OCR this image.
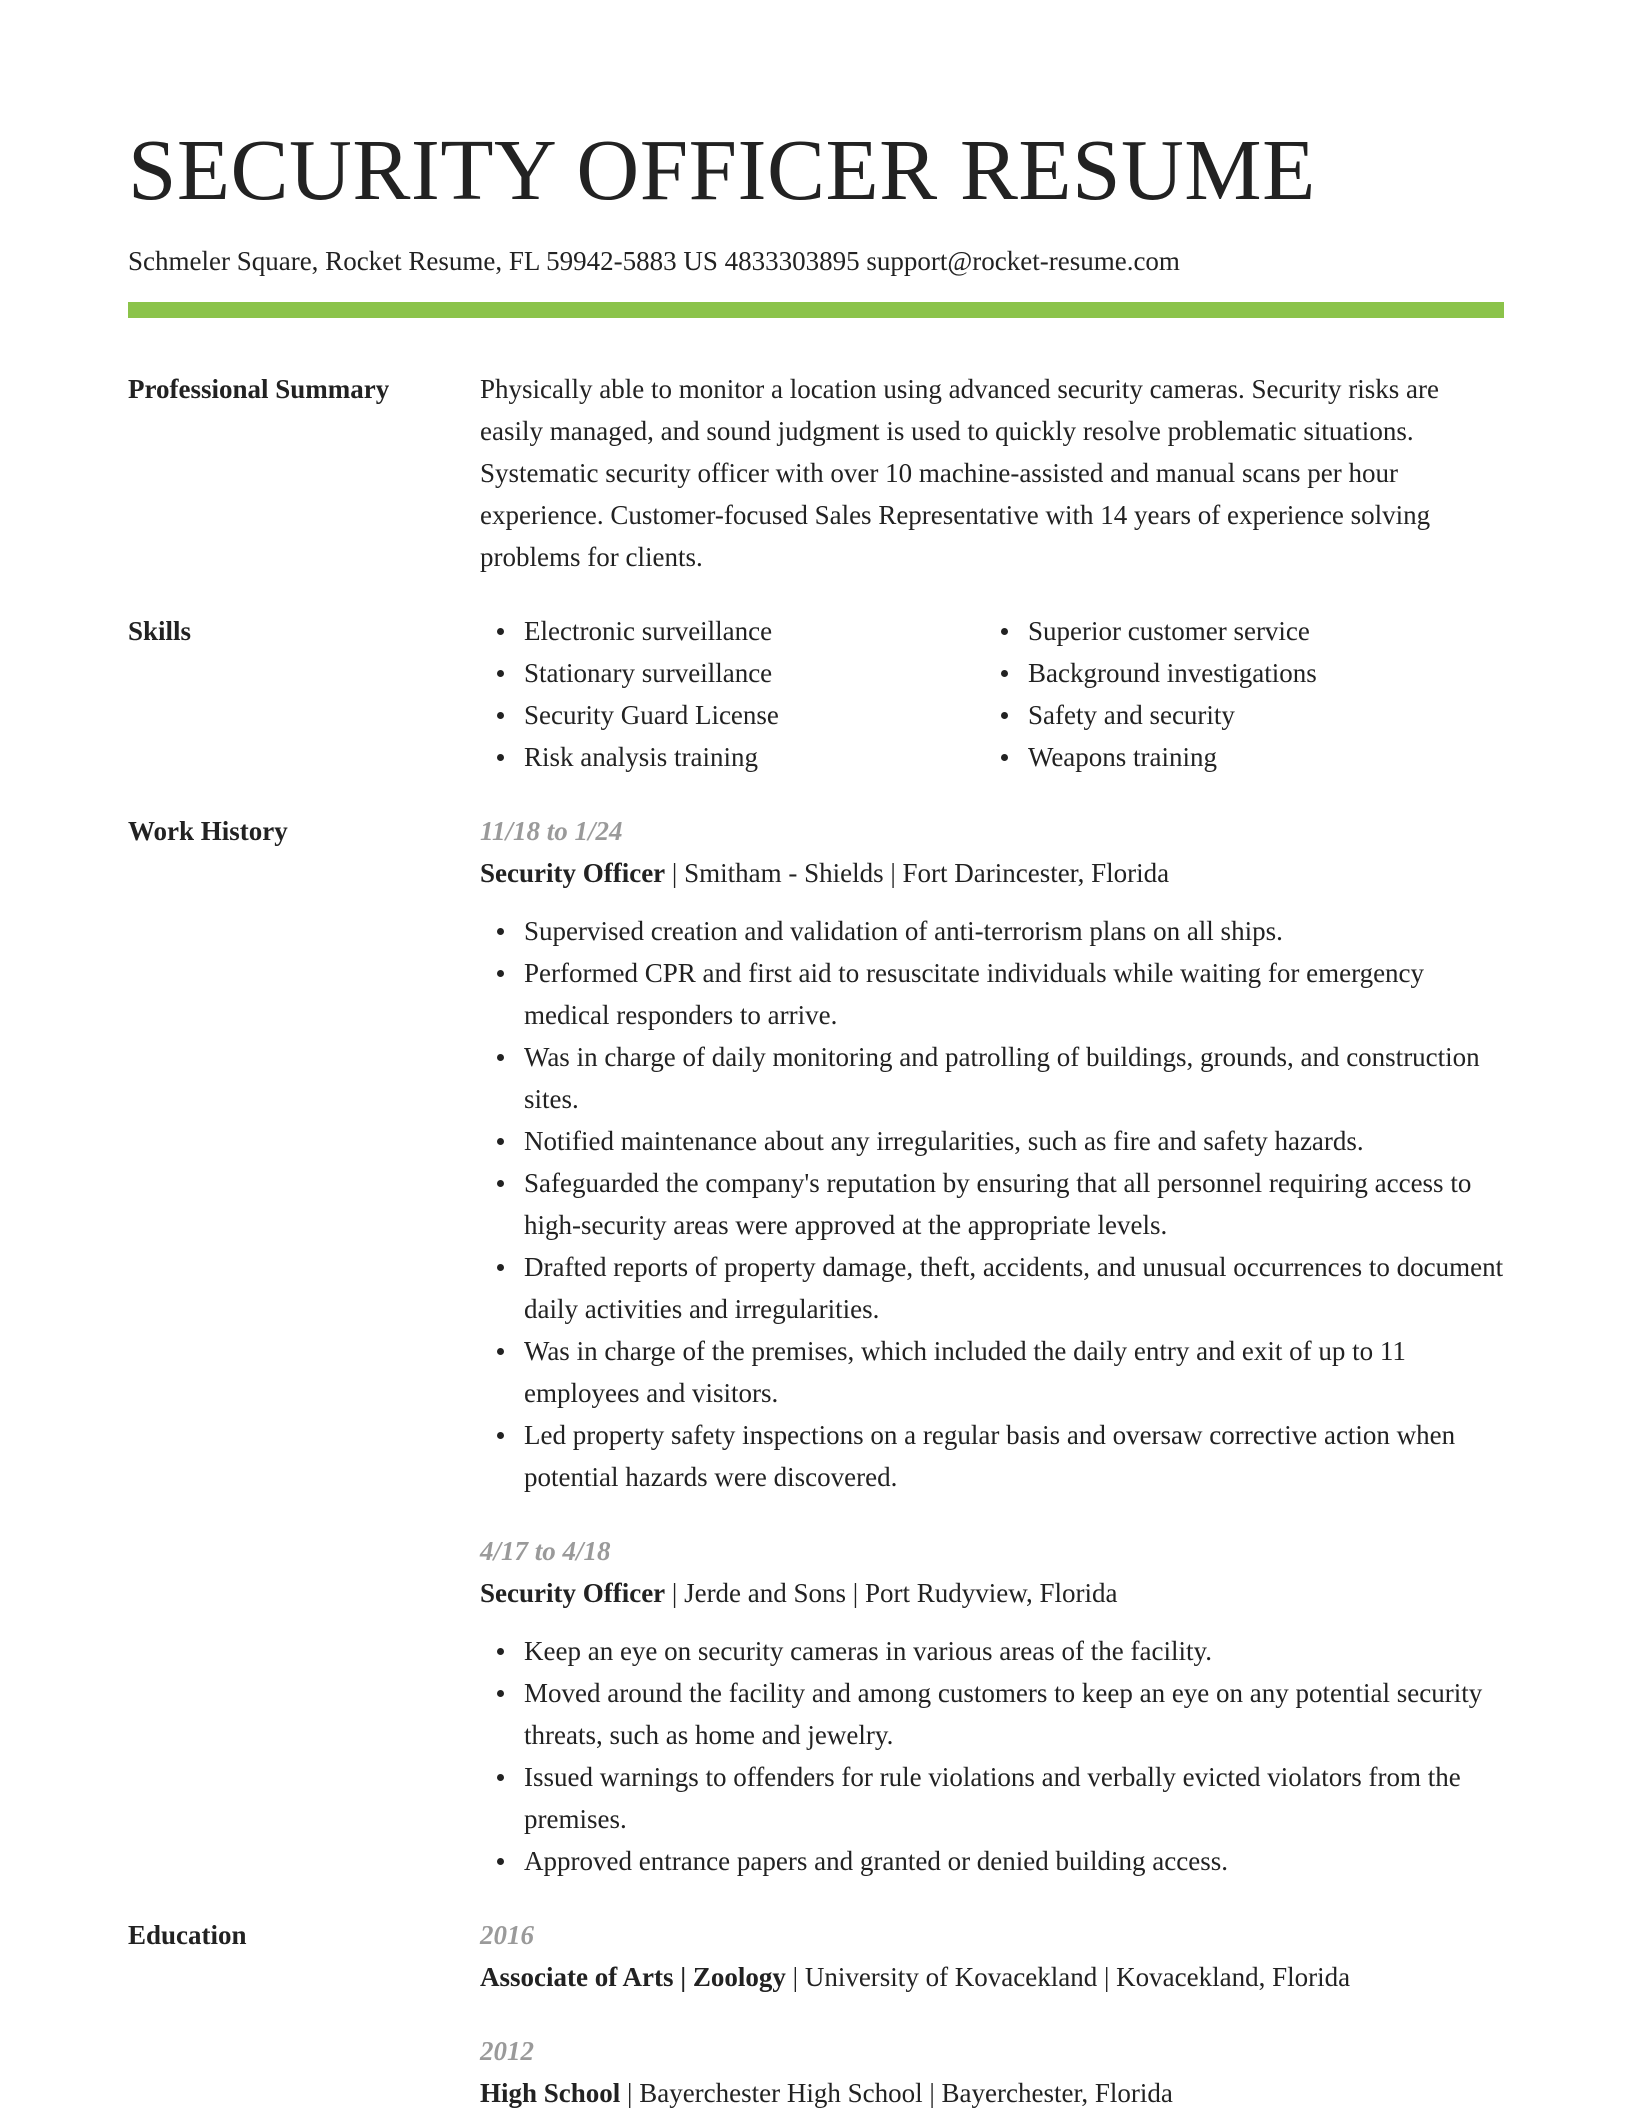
SECURITY OFFICER RESUME
Schmeler Square, Rocket Resume, FL 59942-5883 US 4833303895 support@rocket-resume.com
Professional Summary	Physically able to monitor a location using advanced security cameras. Security risks are easily managed, and sound judgment is used to quickly resolve problematic situations. Systematic security officer with over 10 machine-assisted and manual scans per hour experience. Customer-focused Sales Representative with 14 years of experience solving problems for clients.
Skills	Electronic surveillance
Stationary surveillance
Security Guard License
Risk analysis training
Superior customer service
Background investigations
Safety and security
Weapons training
Work History	11/18 to 1/24
Security Officer | Smitham - Shields | Fort Darincester, Florida
Supervised creation and validation of anti-terrorism plans on all ships.
Performed CPR and first aid to resuscitate individuals while waiting for emergency medical responders to arrive.
Was in charge of daily monitoring and patrolling of buildings, grounds, and construction sites.
Notified maintenance about any irregularities, such as fire and safety hazards.
Safeguarded the company's reputation by ensuring that all personnel requiring access to high-security areas were approved at the appropriate levels.
Drafted reports of property damage, theft, accidents, and unusual occurrences to document daily activities and irregularities.
Was in charge of the premises, which included the daily entry and exit of up to 11 employees and visitors.
Led property safety inspections on a regular basis and oversaw corrective action when potential hazards were discovered.
4/17 to 4/18
Security Officer | Jerde and Sons | Port Rudyview, Florida
Keep an eye on security cameras in various areas of the facility.
Moved around the facility and among customers to keep an eye on any potential security threats, such as home and jewelry.
Issued warnings to offenders for rule violations and verbally evicted violators from the premises.
Approved entrance papers and granted or denied building access.
Education	2016
Associate of Arts | Zoology | University of Kovacekland | Kovacekland, Florida
2012
High School | Bayerchester High School | Bayerchester, Florida
